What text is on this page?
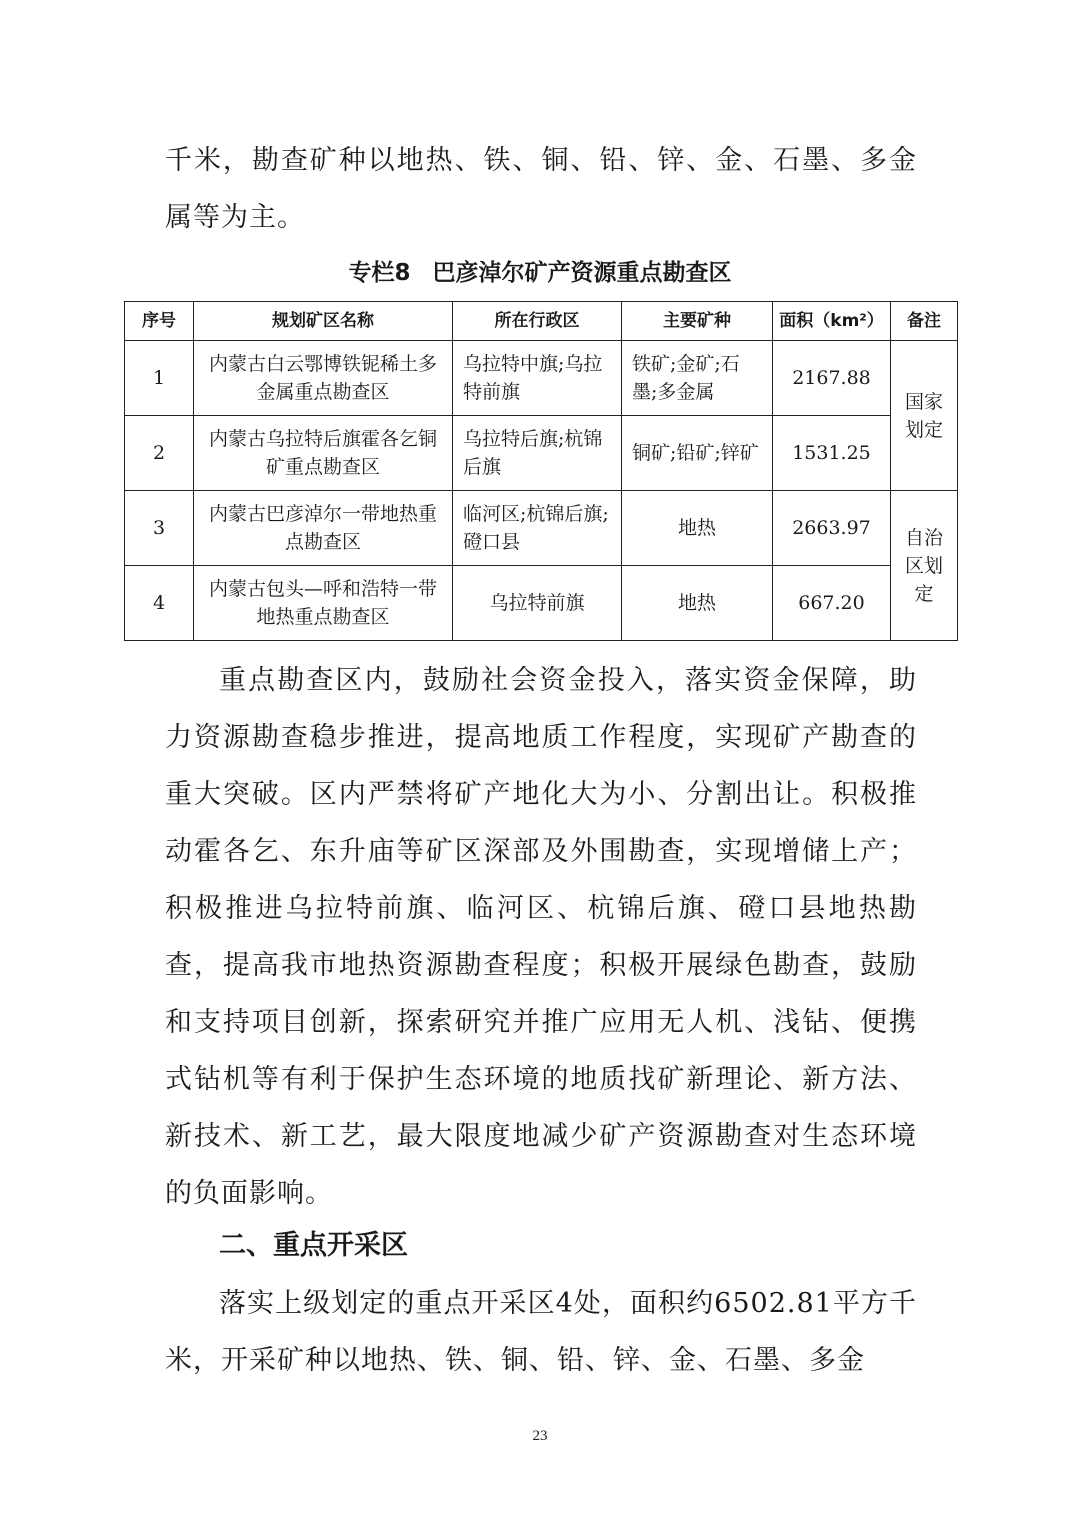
千米，勘查矿种以地热、铁、铜、铅、锌、金、石墨、多金属等为主。

专栏8 巴彦淖尔矿产资源重点勘查区

序号	规划矿区名称	所在行政区	主要矿种	面积（km²）	备注
1	内蒙古白云鄂博铁铌稀土多金属重点勘查区	乌拉特中旗;乌拉特前旗	铁矿;金矿;石墨;多金属	2167.88	国家划定
2	内蒙古乌拉特后旗霍各乞铜矿重点勘查区	乌拉特后旗;杭锦后旗	铜矿;铅矿;锌矿	1531.25	
3	内蒙古巴彦淖尔一带地热重点勘查区	临河区;杭锦后旗;磴口县	地热	2663.97	自治区划定
4	内蒙古包头—呼和浩特一带地热重点勘查区	乌拉特前旗	地热	667.20	

重点勘查区内，鼓励社会资金投入，落实资金保障，助力资源勘查稳步推进，提高地质工作程度，实现矿产勘查的重大突破。区内严禁将矿产地化大为小、分割出让。积极推动霍各乞、东升庙等矿区深部及外围勘查，实现增储上产；积极推进乌拉特前旗、临河区、杭锦后旗、磴口县地热勘查，提高我市地热资源勘查程度；积极开展绿色勘查，鼓励和支持项目创新，探索研究并推广应用无人机、浅钻、便携式钻机等有利于保护生态环境的地质找矿新理论、新方法、新技术、新工艺，最大限度地减少矿产资源勘查对生态环境的负面影响。

二、重点开采区

落实上级划定的重点开采区4处，面积约6502.81平方千米，开采矿种以地热、铁、铜、铅、锌、金、石墨、多金

23
